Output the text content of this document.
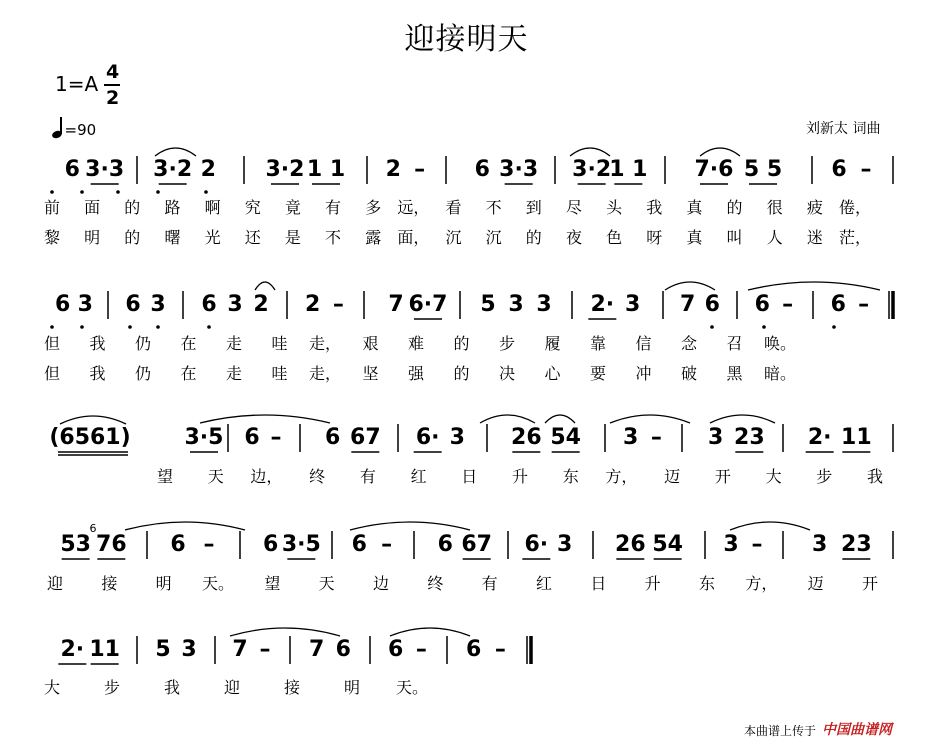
迎接明天
1=A 4
2
=90	刘新太 词曲
6 3·3 3·2 2 3·2 1 1 2 – 6 3·3 3·2
1 1 7·6 5 5 6 –
6 3 6 3 6 3 2 2 – 7 6·7 5 3 3 2· 3 7 6 6 – 6 –
(6561) 3·5 6 – 6 67 6· 3 26 54 3 – 3 23 2· 11
53 76 6 – 6 3·5 6 – 6 67 6· 3 26 54 3 – 3 23
2· 11 5 3 7 – 7 6 6 – 6 –
6
前 面 的 路 啊 究 竟 有 多 远， 看 不 到 尽 头 我 真 的 很 疲 倦，
黎 明 的 曙 光 还 是 不 露 面， 沉 沉 的 夜 色 呀 真 叫 人 迷 茫，
但 我 仍 在 走 哇 走， 艰 难 的 步 履 靠 信 念 召 唤。
但 我 仍 在 走 哇 走， 坚 强 的 决 心 要 冲 破 黑 暗。
望 天 边， 终 有 红 日 升 东 方， 迈 开 大 步 我
迎 接 明 天。 望 天 边 终 有 红 日 升 东 方， 迈 开
大	步	我	迎	接	明 天。
本曲谱上传于 中国曲谱网
